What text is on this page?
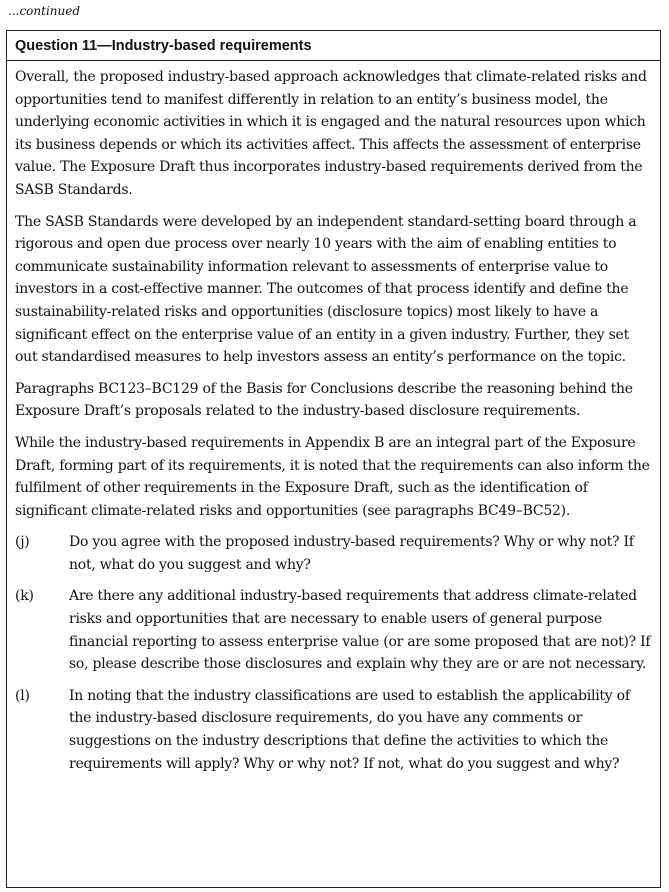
...continued
Question 11—Industry-based requirements

Overall, the proposed industry-based approach acknowledges that climate-related risks and opportunities tend to manifest differently in relation to an entity’s business model, the underlying economic activities in which it is engaged and the natural resources upon which its business depends or which its activities affect. This affects the assessment of enterprise value. The Exposure Draft thus incorporates industry-based requirements derived from the SASB Standards.

The SASB Standards were developed by an independent standard-setting board through a rigorous and open due process over nearly 10 years with the aim of enabling entities to communicate sustainability information relevant to assessments of enterprise value to investors in a cost-effective manner. The outcomes of that process identify and define the sustainability-related risks and opportunities (disclosure topics) most likely to have a significant effect on the enterprise value of an entity in a given industry. Further, they set out standardised measures to help investors assess an entity’s performance on the topic.

Paragraphs BC123–BC129 of the Basis for Conclusions describe the reasoning behind the Exposure Draft’s proposals related to the industry-based disclosure requirements.

While the industry-based requirements in Appendix B are an integral part of the Exposure Draft, forming part of its requirements, it is noted that the requirements can also inform the fulfilment of other requirements in the Exposure Draft, such as the identification of significant climate-related risks and opportunities (see paragraphs BC49–BC52).

(j)	Do you agree with the proposed industry-based requirements? Why or why not? If not, what do you suggest and why?
(k)	Are there any additional industry-based requirements that address climate-related risks and opportunities that are necessary to enable users of general purpose financial reporting to assess enterprise value (or are some proposed that are not)? If so, please describe those disclosures and explain why they are or are not necessary.
(l)	In noting that the industry classifications are used to establish the applicability of the industry-based disclosure requirements, do you have any comments or suggestions on the industry descriptions that define the activities to which the requirements will apply? Why or why not? If not, what do you suggest and why?
